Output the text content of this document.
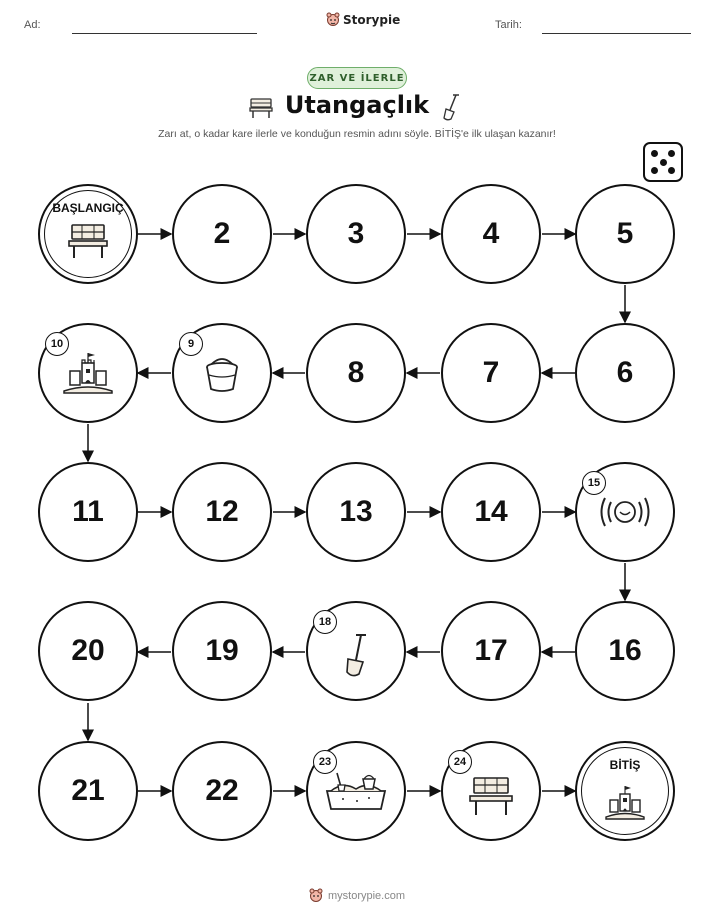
Ad:	Storypie	Tarih:
ZAR VE İLERLE
Utangaçlık
Zarı at, o kadar kare ilerle ve konduğun resmin adını söyle. BİTİŞ'e ilk ulaşan kazanır!
BAŞLANGIÇ
2	3	4	5
10	9
8	7	6
11	12	13	14
15
20	19
18
17	16
21	22
23	24	BİTİŞ
mystorypie.com
